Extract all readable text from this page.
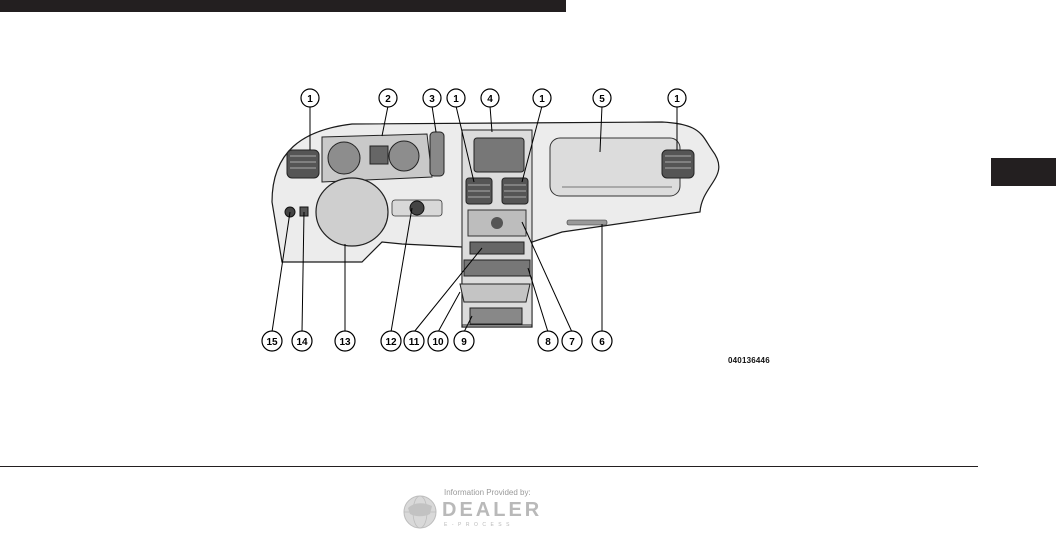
1	2	3 1	4	1	5	1
15 14	13	12 11 10 9	8 7 6
040136446
Information Provided by:
DEALER
E-PROCESS
